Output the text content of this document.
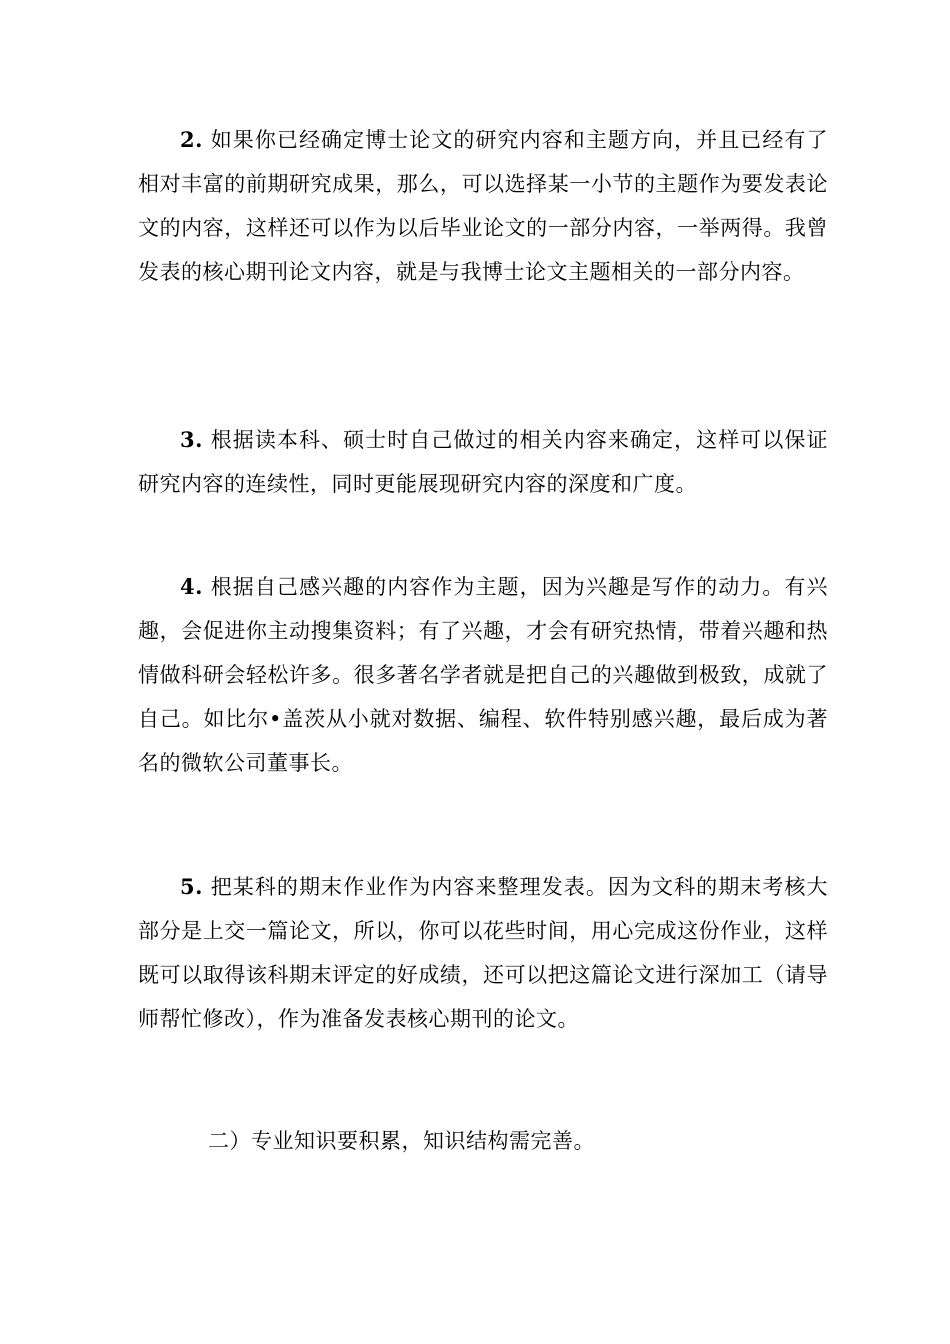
2. 如果你已经确定博士论文的研究内容和主题方向，并且已经有了相对丰富的前期研究成果，那么，可以选择某一小节的主题作为要发表论文的内容，这样还可以作为以后毕业论文的一部分内容，一举两得。我曾发表的核心期刊论文内容，就是与我博士论文主题相关的一部分内容。

3. 根据读本科、硕士时自己做过的相关内容来确定，这样可以保证研究内容的连续性，同时更能展现研究内容的深度和广度。

4. 根据自己感兴趣的内容作为主题，因为兴趣是写作的动力。有兴趣，会促进你主动搜集资料；有了兴趣，才会有研究热情，带着兴趣和热情做科研会轻松许多。很多著名学者就是把自己的兴趣做到极致，成就了自己。如比尔•盖茨从小就对数据、编程、软件特别感兴趣，最后成为著名的微软公司董事长。

5. 把某科的期末作业作为内容来整理发表。因为文科的期末考核大部分是上交一篇论文，所以，你可以花些时间，用心完成这份作业，这样既可以取得该科期末评定的好成绩，还可以把这篇论文进行深加工（请导师帮忙修改），作为准备发表核心期刊的论文。

二）专业知识要积累，知识结构需完善。
